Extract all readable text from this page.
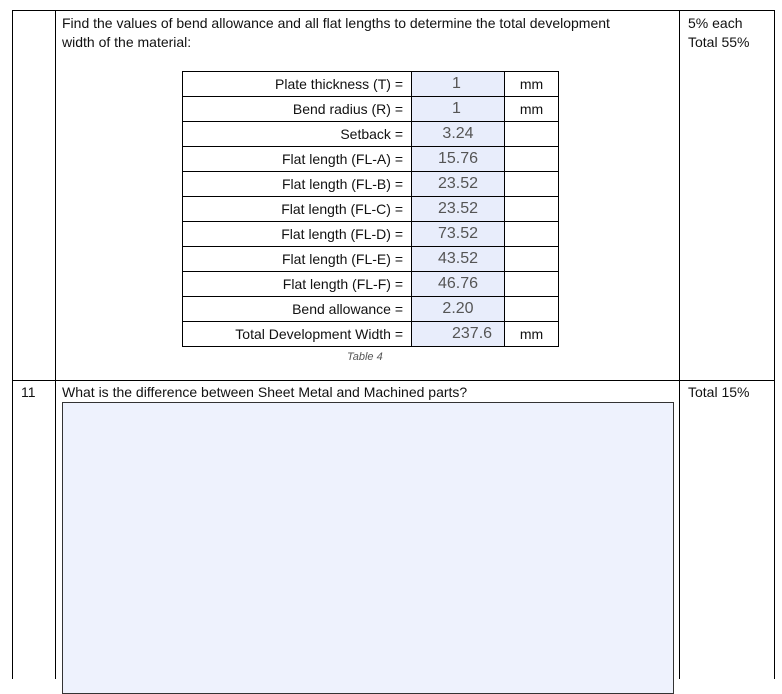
Find the values of bend allowance and all flat lengths to determine the total development
width of the material:
5% each
Total 55%
Plate thickness (T) =	1	mm
Bend radius (R) =	1	mm
Setback =	3.24	

Flat length (FL-A) =	15.76	

Flat length (FL-B) =	23.52	

Flat length (FL-C) =	23.52	

Flat length (FL-D) =	73.52	

Flat length (FL-E) =	43.52	

Flat length (FL-F) =	46.76	

Bend allowance =	2.20	

Total Development Width =	237.6	mm
Table 4
11 What is the difference between Sheet Metal and Machined parts?	Total 15%
